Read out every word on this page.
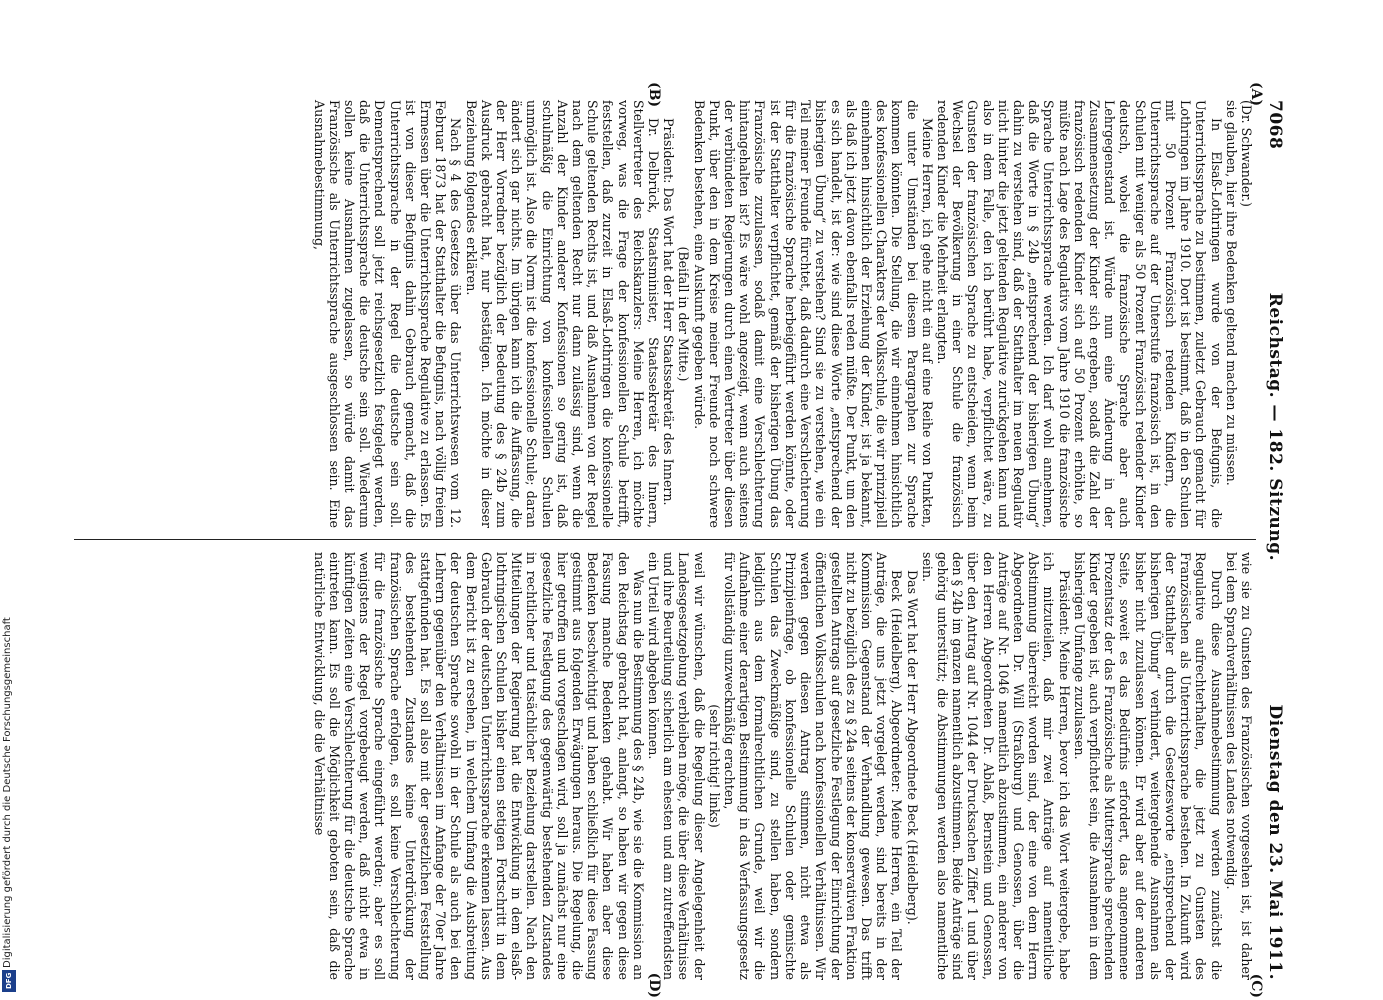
7068
Reichstag. — 182. Sitzung.
Dienstag den 23. Mai 1911.

(Dr. Schwander.)

sie glauben, hier ihre Bedenken geltend machen zu müssen.

In Elsaß-Lothringen wurde von der Befugnis, die Unterrichtssprache zu bestimmen, zuletzt Gebrauch gemacht für Lothringen im Jahre 1910. Dort ist bestimmt, daß in den Schulen mit 50 Prozent Französisch redenden Kindern, die Unterrichtssprache auf der Unterstufe französisch ist, in den Schulen mit weniger als 50 Prozent Französisch redender Kinder deutsch, wobei die französische Sprache aber auch Lehrgegenstand ist. Würde nun eine Änderung in der Zusammensetzung der Kinder sich ergeben, sodaß die Zahl der französisch redenden Kinder sich auf 50 Prozent erhöhte, so müßte nach Lage des Regulativs vom Jahre 1910 die französische Sprache Unterrichtssprache werden. Ich darf wohl annehmen, daß die Worte in § 24b „entsprechend der bisherigen Übung“ dahin zu verstehen sind, daß der Statthalter im neuen Regulativ nicht hinter die jetzt geltenden Regulative zurückgehen kann und also in dem Falle, den ich berührt habe, verpflichtet wäre, zu Gunsten der französischen Sprache zu entscheiden, wenn beim Wechsel der Bevölkerung in einer Schule die französisch redenden Kinder die Mehrheit erlangten.

Meine Herren, ich gehe nicht ein auf eine Reihe von Punkten, die unter Umständen bei diesem Paragraphen zur Sprache kommen könnten. Die Stellung, die wir einnehmen hinsichtlich des konfessionellen Charakters der Volksschule, die wir prinzipiell einnehmen hinsichtlich der Erziehung der Kinder, ist ja bekannt, als daß ich jetzt davon ebenfalls reden müßte. Der Punkt, um den es sich handelt, ist der: wie sind diese Worte „entsprechend der bisherigen Übung“ zu verstehen? Sind sie zu verstehen, wie ein Teil meiner Freunde fürchtet, daß dadurch eine Verschlechterung für die französische Sprache herbeigeführt werden könnte, oder ist der Statthalter verpflichtet, gemäß der bisherigen Übung das Französische zuzulassen, sodaß damit eine Verschlechterung hintangehalten ist? Es wäre wohl angezeigt, wenn auch seitens der verbündeten Regierungen durch einen Vertreter über diesen Punkt, über den in dem Kreise meiner Freunde noch schwere Bedenken bestehen, eine Auskunft gegeben würde.

(Beifall in der Mitte.)

Präsident: Das Wort hat der Herr Staatssekretär des Innern.

Dr. Delbrück, Staatsminister, Staatssekretär des Innern, Stellvertreter des Reichskanzlers: Meine Herren, ich möchte vorweg, was die Frage der konfessionellen Schule betrifft, feststellen, daß zurzeit in Elsaß-Lothringen die konfessionelle Schule geltenden Rechts ist, und daß Ausnahmen von der Regel nach dem geltenden Recht nur dann zulässig sind, wenn die Anzahl der Kinder anderer Konfessionen so gering ist, daß schulmäßig die Einrichtung von konfessionellen Schulen unmöglich ist. Also die Norm ist die konfessionelle Schule; daran ändert sich gar nichts. Im übrigen kann ich die Auffassung, die der Herr Vorredner bezüglich der Bedeutung des § 24b zum Ausdruck gebracht hat, nur bestätigen. Ich möchte in dieser Beziehung folgendes erklären.

Nach § 4 des Gesetzes über das Unterrichtswesen vom 12. Februar 1873 hat der Statthalter die Befugnis, nach völlig freiem Ermessen über die Unterrichtssprache Regulative zu erlassen. Es ist von dieser Befugnis dahin Gebrauch gemacht, daß die Unterrichtssprache in der Regel die deutsche sein soll. Dementsprechend soll jetzt reichsgesetzlich festgelegt werden, daß die Unterrichtssprache die deutsche sein soll. Wiederum sollen keine Ausnahmen zugelassen, so würde damit das Französische als Unterrichtssprache ausgeschlossen sein. Eine Ausnahmebestimmung,

wie sie zu Gunsten des Französischen vorgesehen ist, ist daher bei dem Sprachverhältnissen des Landes notwendig.

Durch diese Ausnahmebestimmung werden zunächst die Regulative aufrechterhalten, die jetzt zu Gunsten des Französischen als Unterrichtssprache bestehen. In Zukunft wird der Statthalter durch die Gesetzesworte „entsprechend der bisherigen Übung“ verhindert, weitergehende Ausnahmen als bisher nicht zuzulassen können. Er wird aber auf der anderen Seite, soweit es das Bedürfnis erfordert, das angenommene Prozentsatz der das Französische als Muttersprache sprechenden Kinder gegeben ist, auch verpflichtet sein, die Ausnahmen in dem bisherigen Umfange zuzulassen.

Präsident: Meine Herren, bevor ich das Wort weitergebe, habe ich mitzuteilen, daß mir zwei Anträge auf namentliche Abstimmung überreicht worden sind, der eine von dem Herrn Abgeordneten Dr. Will (Straßburg) und Genossen, über die Anträge auf Nr. 1046 namentlich abzustimmen, ein anderer von den Herren Abgeordneten Dr. Ablaß, Bernstein und Genossen, über den Antrag auf Nr. 1044 der Drucksachen Ziffer 1 und über den § 24b im ganzen namentlich abzustimmen. Beide Anträge sind gehörig unterstützt; die Abstimmungen werden also namentliche sein.

Das Wort hat der Herr Abgeordnete Beck (Heidelberg).

Beck (Heidelberg), Abgeordneter: Meine Herren, ein Teil der Anträge, die uns jetzt vorgelegt werden, sind bereits in der Kommission Gegenstand der Verhandlung gewesen. Das trifft nicht zu bezüglich des zu § 24a seitens der konservativen Fraktion gestellten Antrags auf gesetzliche Festlegung der Einrichtung der öffentlichen Volksschulen nach konfessionellen Verhältnissen. Wir werden gegen diesen Antrag stimmen, nicht etwa als Prinzipienfrage, ob konfessionelle Schulen oder gemischte Schulen das Zweckmäßige sind, zu stellen haben, sondern lediglich aus dem formalrechtlichen Grunde, weil wir die Aufnahme einer derartigen Bestimmung in das Verfassungsgesetz für vollständig unzweckmäßig erachten,

(sehr richtig! links)

weil wir wünschen, daß die Regelung dieser Angelegenheit der Landesgesetzgebung verbleiben möge, die über diese Verhältnisse und ihre Beurteilung sicherlich am ehesten und am zutreffendsten ein Urteil wird abgeben können.

Was nun die Bestimmung des § 24b, wie sie die Kommission an den Reichstag gebracht hat, anlangt, so haben wir gegen diese Fassung manche Bedenken gehabt. Wir haben aber diese Bedenken beschwichtigt und haben schließlich für diese Fassung gestimmt aus folgenden Erwägungen heraus. Die Regelung, die hier getroffen und vorgeschlagen wird, soll ja zunächst nur eine gesetzliche Festlegung des gegenwärtig bestehenden Zustandes in rechtlicher und tatsächlicher Beziehung darstellen. Nach den Mitteilungen der Regierung hat die Entwicklung in dem elsaß-lothringischen Schulen bisher einen stetigen Fortschritt in dem Gebrauch der deutschen Unterrichtssprache erkennen lassen. Aus dem Bericht ist zu ersehen, in welchem Umfang die Ausbreitung der deutschen Sprache sowohl in der Schule als auch bei den Lehrern gegenüber den Verhältnissen im Anfange der 70er Jahre stattgefunden hat. Es soll also mit der gesetzlichen Feststellung des bestehenden Zustandes keine Unterdrückung der französischen Sprache erfolgen, es soll keine Verschlechterung für die französische Sprache eingeführt werden; aber es soll wenigstens der Regel vorgebeugt werden, daß nicht etwa in künftigen Zeiten eine Verschlechterung für die deutsche Sprache eintreten kann. Es soll die Möglichkeit geboten sein, daß die natürliche Entwicklung, die die Verhältnisse

(A)
(B)
(C)
(D)
Digitalisierung gefördert durch die Deutsche Forschungsgemeinschaft
DFG
